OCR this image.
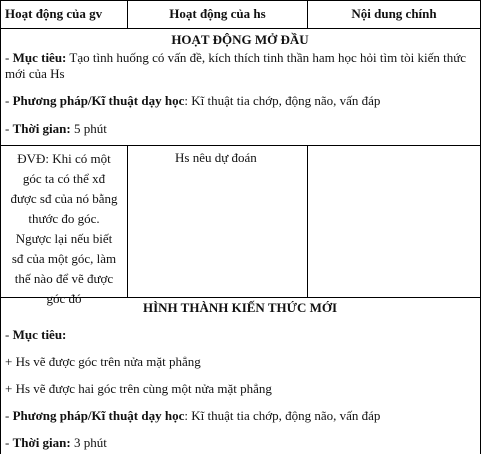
Hoạt động của gv	Hoạt động của hs	Nội dung chính
HOẠT ĐỘNG MỞ ĐẦU
- Mục tiêu: Tạo tình huống có vấn đề, kích thích tinh thần ham học hỏi tìm tòi kiến thức
mới của Hs
- Phương pháp/Kĩ thuật dạy học: Kĩ thuật tia chớp, động não, vấn đáp
- Thời gian: 5 phút
ĐVĐ: Khi có một
góc ta có thể xđ
được sđ của nó bằng
thước đo góc.
Ngược lại nếu biết
sđ của một góc, làm
thế nào để vẽ được
góc đó
Hs nêu dự đoán
HÌNH THÀNH KIẾN THỨC MỚI
- Mục tiêu:
+ Hs vẽ được góc trên nửa mặt phẳng
+ Hs vẽ được hai góc trên cùng một nửa mặt phẳng
- Phương pháp/Kĩ thuật dạy học: Kĩ thuật tia chớp, động não, vấn đáp
- Thời gian: 3 phút
